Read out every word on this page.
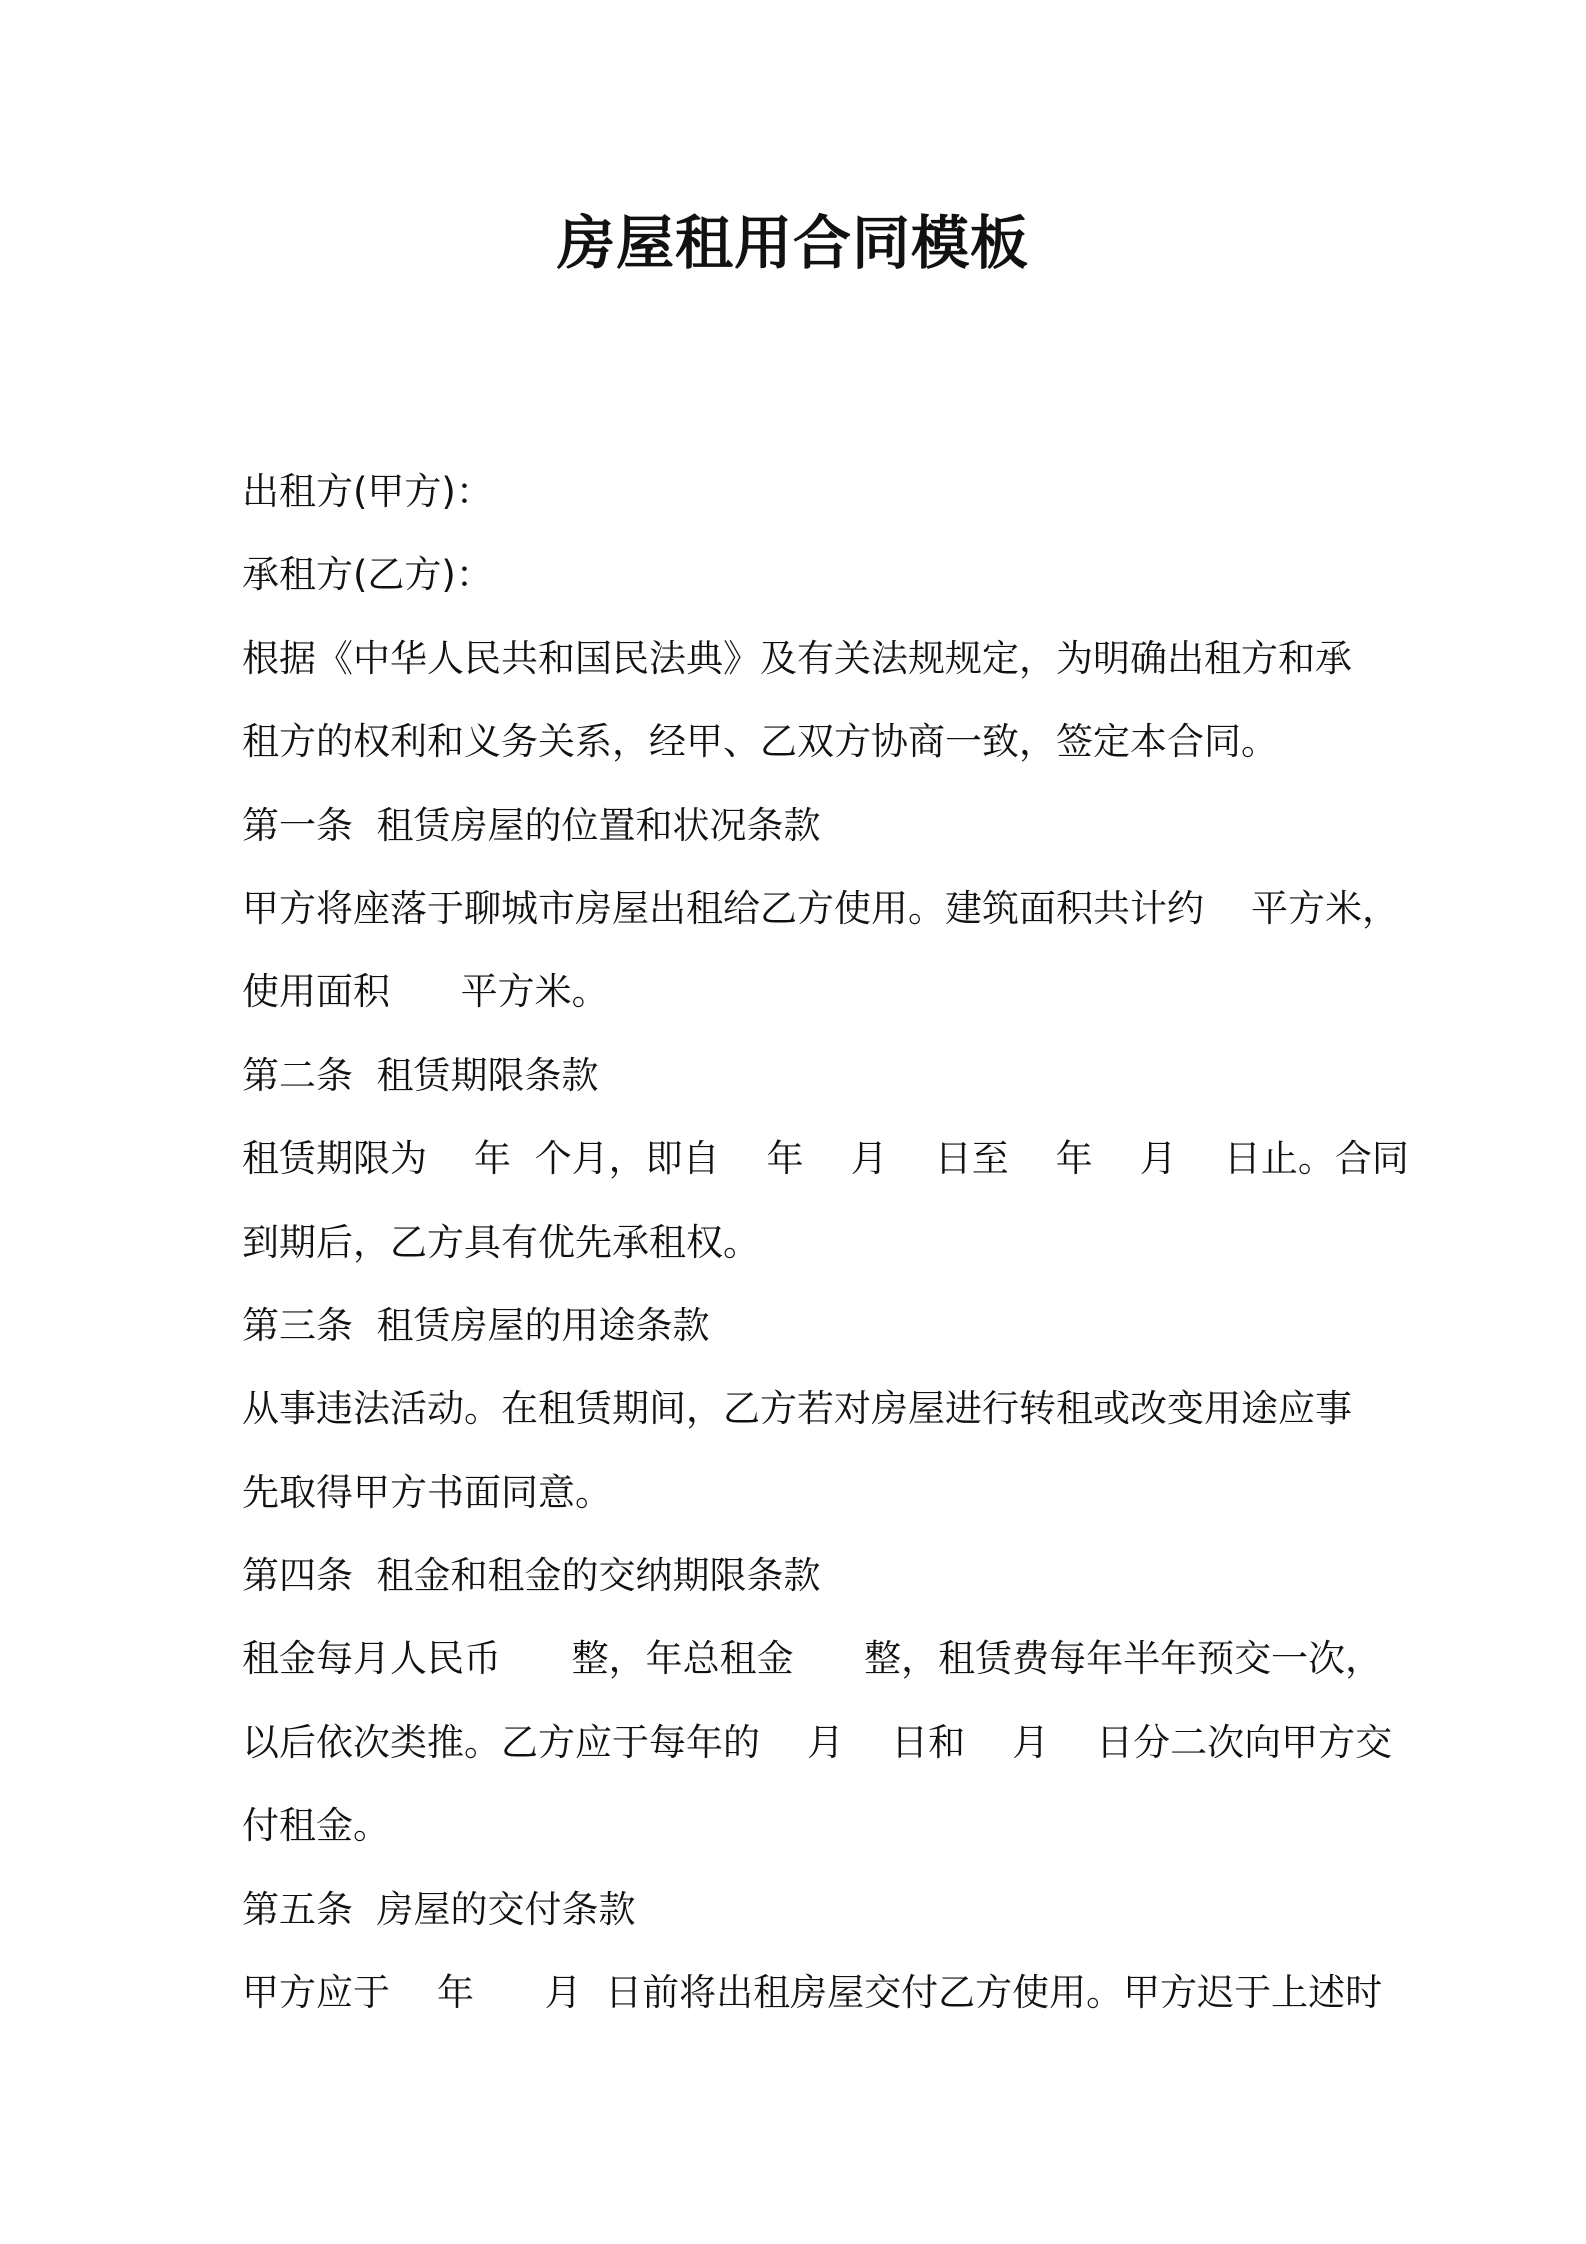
房屋租用合同模板
出租方(甲方)：
承租方(乙方)：
根据《中华人民共和国民法典》及有关法规规定，为明确出租方和承
租方的权利和义务关系，经甲、乙双方协商一致，签定本合同。
第一条  租赁房屋的位置和状况条款
甲方将座落于聊城市房屋出租给乙方使用。建筑面积共计约    平方米，
使用面积      平方米。
第二条  租赁期限条款
租赁期限为    年  个月，即自    年    月    日至    年    月    日止。合同
到期后，乙方具有优先承租权。
第三条  租赁房屋的用途条款
从事违法活动。在租赁期间，乙方若对房屋进行转租或改变用途应事
先取得甲方书面同意。
第四条  租金和租金的交纳期限条款
租金每月人民币      整，年总租金      整，租赁费每年半年预交一次，
以后依次类推。乙方应于每年的    月    日和    月    日分二次向甲方交
付租金。
第五条  房屋的交付条款
甲方应于    年      月  日前将出租房屋交付乙方使用。甲方迟于上述时
